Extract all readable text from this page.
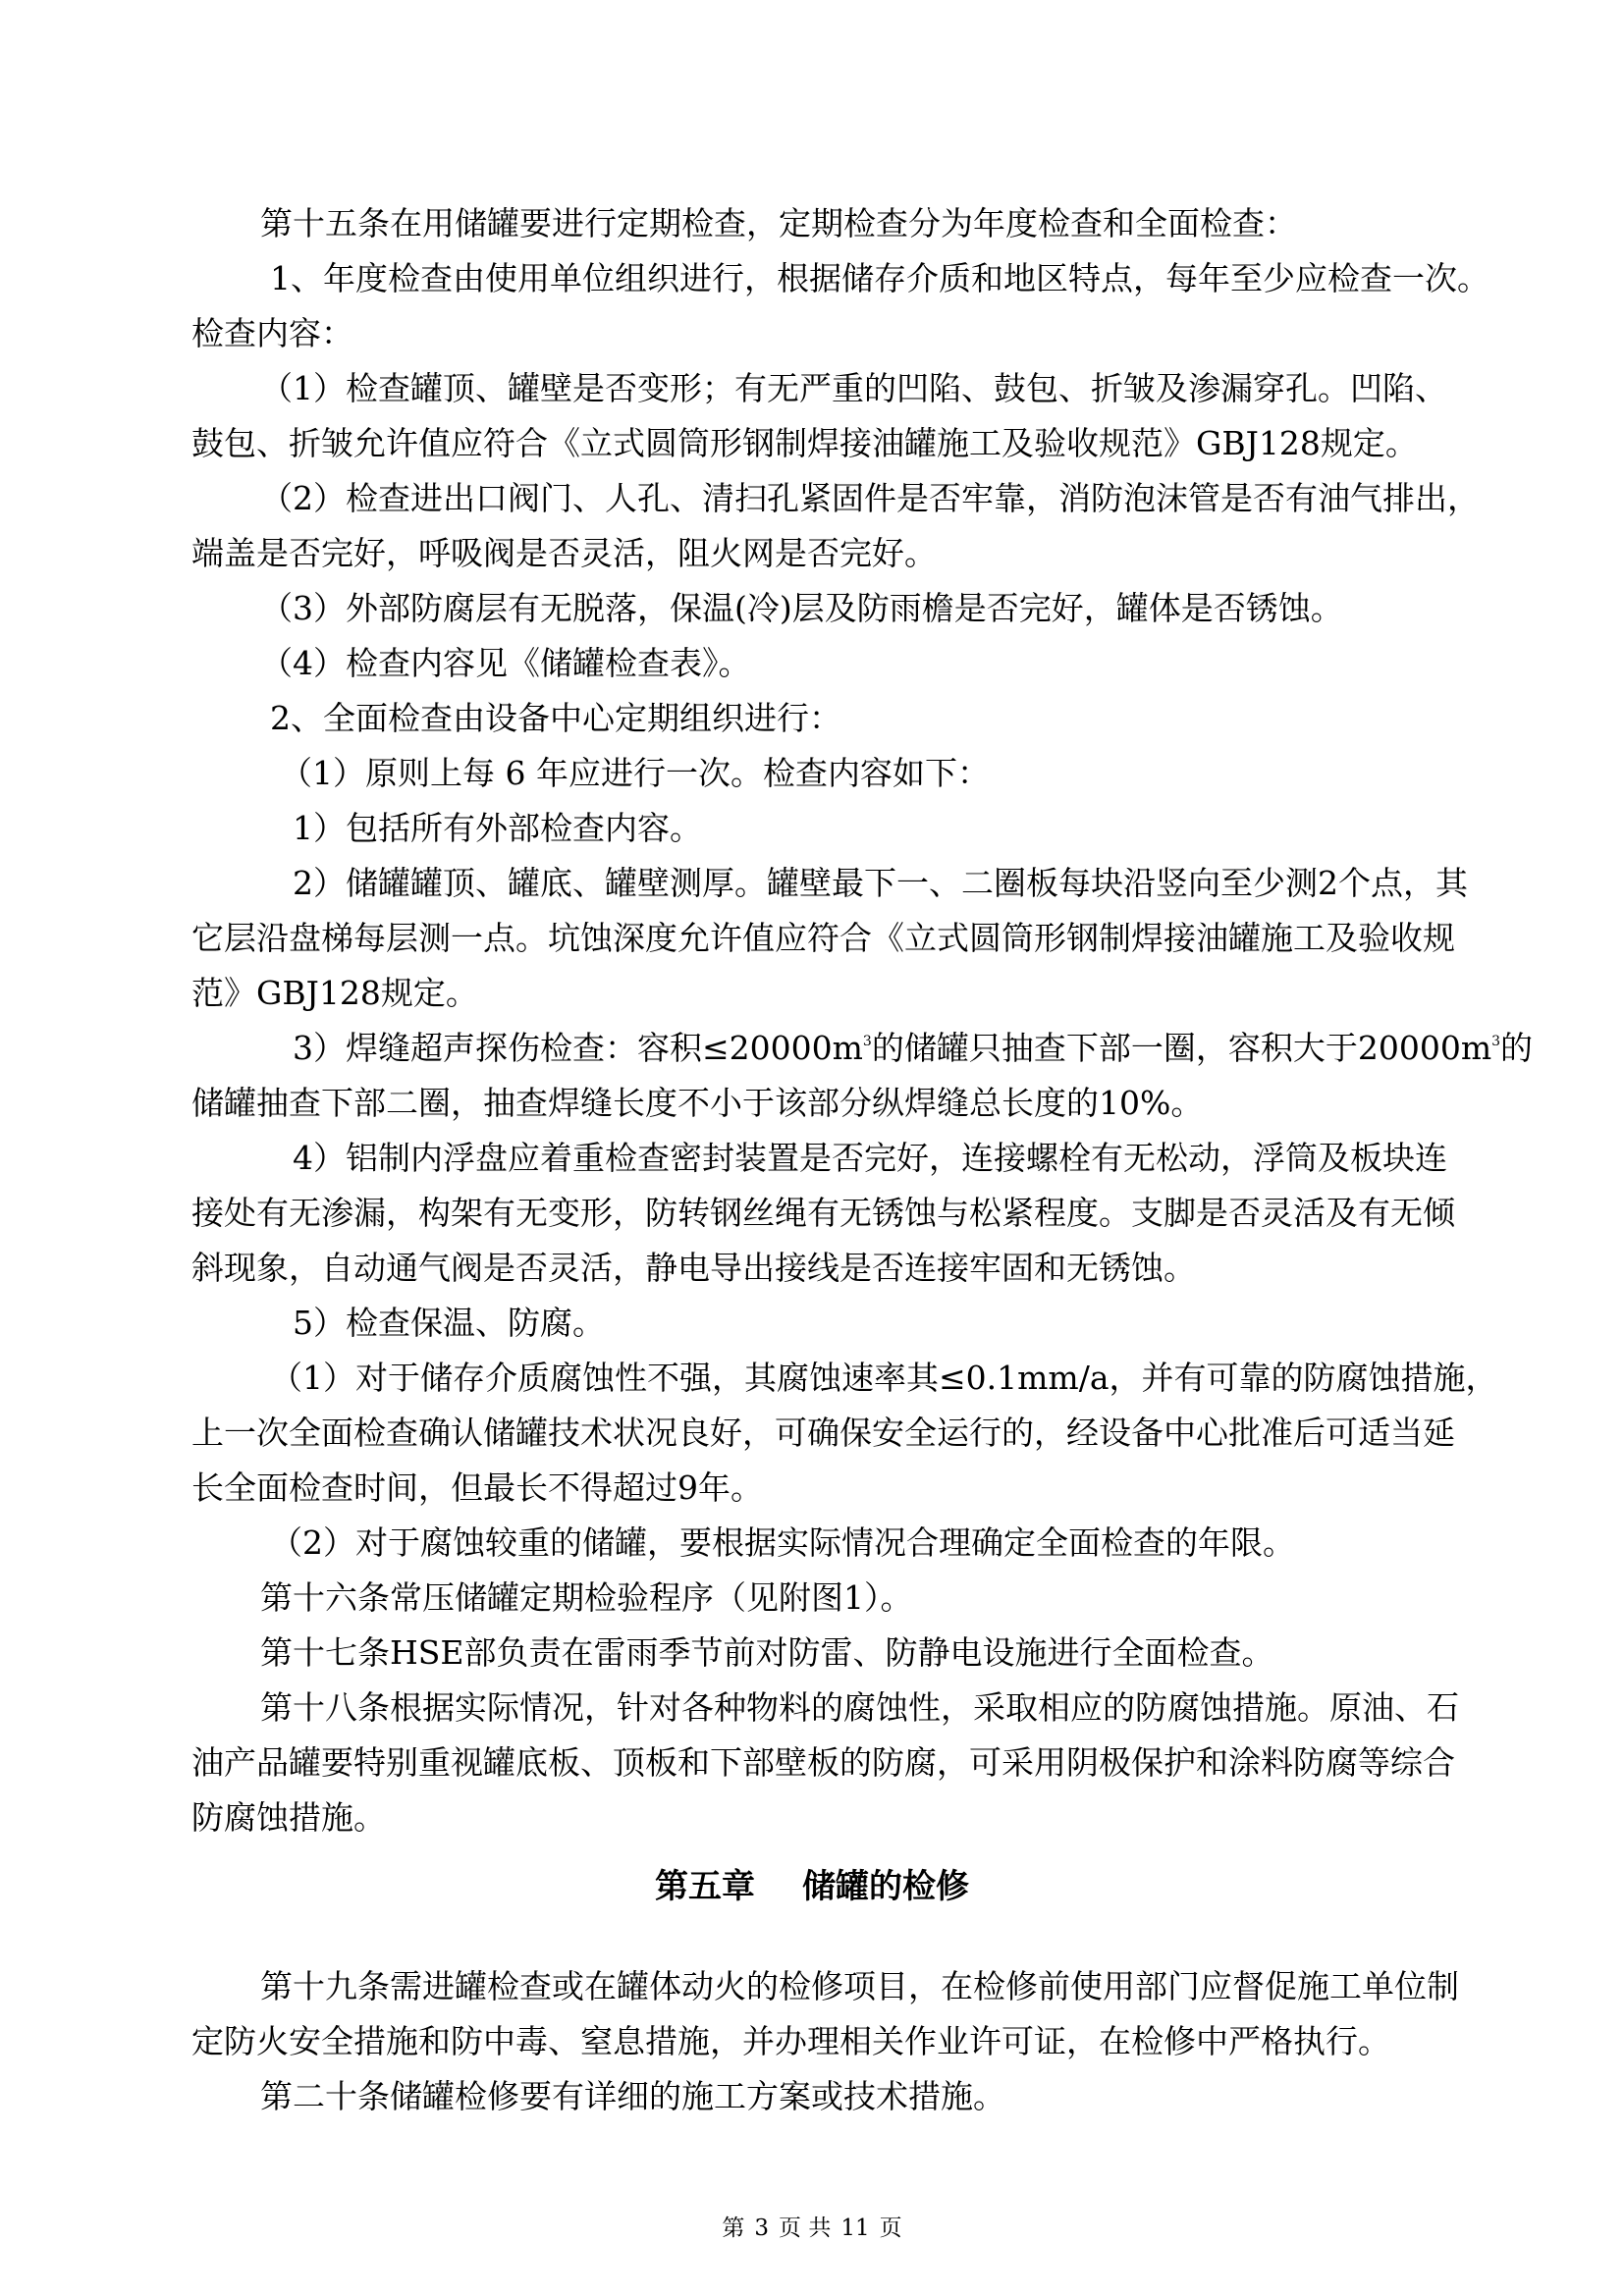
第十五条在用储罐要进行定期检查，定期检查分为年度检查和全面检查：
1、年度检查由使用单位组织进行，根据储存介质和地区特点，每年至少应检查一次。
检查内容：
（1）检查罐顶、罐壁是否变形；有无严重的凹陷、鼓包、折皱及渗漏穿孔。凹陷、
鼓包、折皱允许值应符合《立式圆筒形钢制焊接油罐施工及验收规范》GBJ128规定。
（2）检查进出口阀门、人孔、清扫孔紧固件是否牢靠，消防泡沫管是否有油气排出，
端盖是否完好，呼吸阀是否灵活，阻火网是否完好。
（3）外部防腐层有无脱落，保温(冷)层及防雨檐是否完好，罐体是否锈蚀。
（4）检查内容见《储罐检查表》。
2、全面检查由设备中心定期组织进行：
（1）原则上每 6 年应进行一次。检查内容如下：
1）包括所有外部检查内容。
2）储罐罐顶、罐底、罐壁测厚。罐壁最下一、二圈板每块沿竖向至少测2个点，其
它层沿盘梯每层测一点。坑蚀深度允许值应符合《立式圆筒形钢制焊接油罐施工及验收规
范》GBJ128规定。
3）焊缝超声探伤检查：容积$\le 20000m^3$的储罐只抽查下部一圈，容积大于$20000m^3$的
储罐抽查下部二圈，抽查焊缝长度不小于该部分纵焊缝总长度的10%。
4）铝制内浮盘应着重检查密封装置是否完好，连接螺栓有无松动，浮筒及板块连
接处有无渗漏，构架有无变形，防转钢丝绳有无锈蚀与松紧程度。支脚是否灵活及有无倾
斜现象，自动通气阀是否灵活，静电导出接线是否连接牢固和无锈蚀。
5）检查保温、防腐。
（1）对于储存介质腐蚀性不强，其腐蚀速率其≤0.1mm/a，并有可靠的防腐蚀措施，
上一次全面检查确认储罐技术状况良好，可确保安全运行的，经设备中心批准后可适当延
长全面检查时间，但最长不得超过9年。
（2）对于腐蚀较重的储罐，要根据实际情况合理确定全面检查的年限。
第十六条常压储罐定期检验程序（见附图1）。
第十七条HSE部负责在雷雨季节前对防雷、防静电设施进行全面检查。
第十八条根据实际情况，针对各种物料的腐蚀性，采取相应的防腐蚀措施。原油、石
油产品罐要特别重视罐底板、顶板和下部壁板的防腐，可采用阴极保护和涂料防腐等综合
防腐蚀措施。
第五章 储罐的检修
第十九条需进罐检查或在罐体动火的检修项目，在检修前使用部门应督促施工单位制
定防火安全措施和防中毒、窒息措施，并办理相关作业许可证，在检修中严格执行。
第二十条储罐检修要有详细的施工方案或技术措施。
第 3 页 共 11 页
